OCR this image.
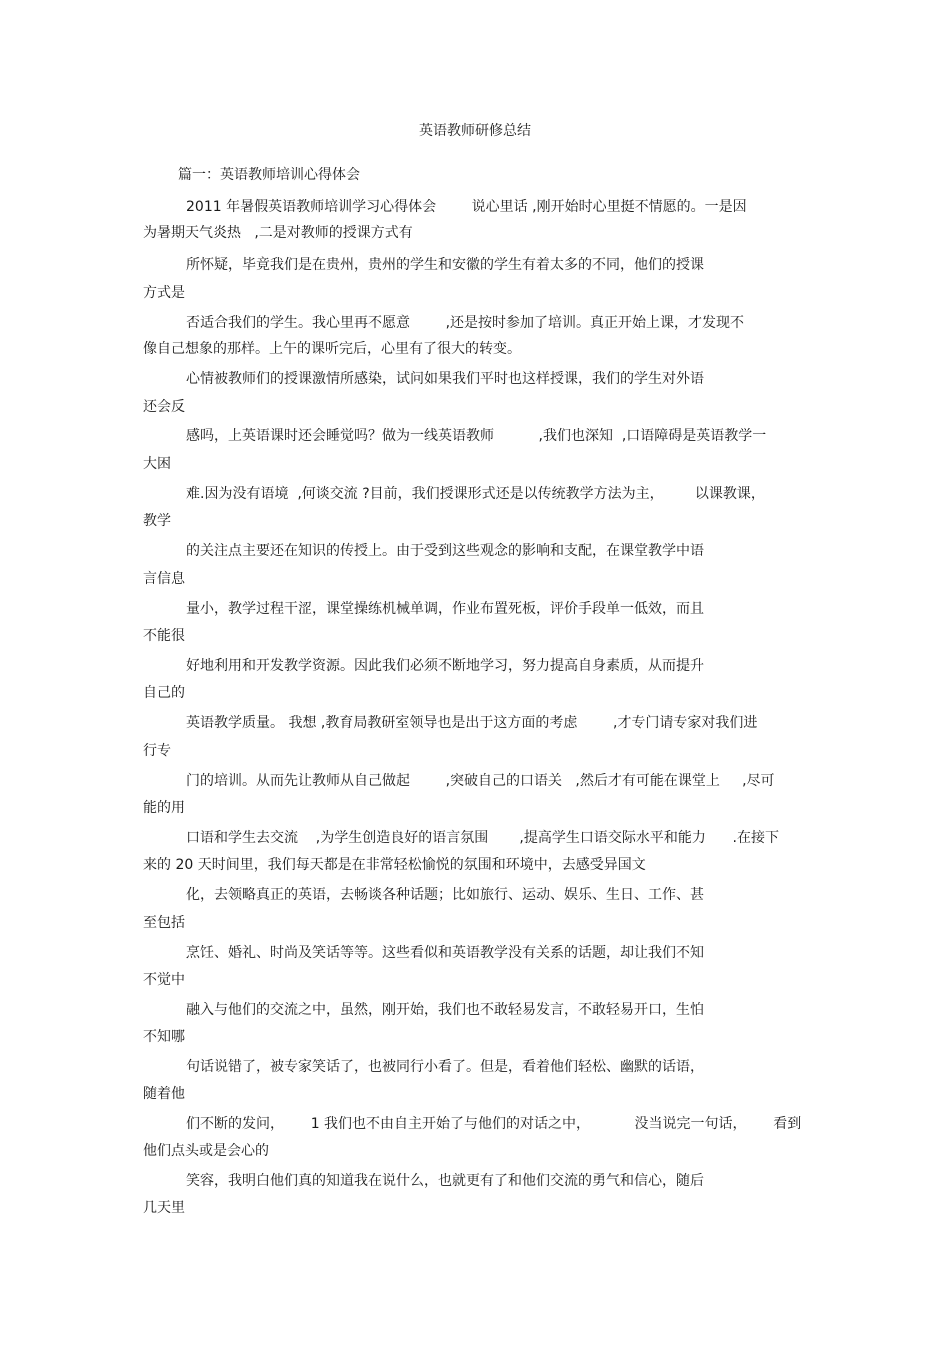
英语教师研修总结
篇一：英语教师培训心得体会
2011 年暑假英语教师培训学习心得体会        说心里话 ,刚开始时心里挺不情愿的。一是因
为暑期天气炎热   ,二是对教师的授课方式有
所怀疑，毕竟我们是在贵州，贵州的学生和安徽的学生有着太多的不同，他们的授课
方式是
否适合我们的学生。我心里再不愿意        ,还是按时参加了培训。真正开始上课，才发现不
像自己想象的那样。上午的课听完后，心里有了很大的转变。
心情被教师们的授课激情所感染，试问如果我们平时也这样授课，我们的学生对外语
还会反
感吗，上英语课时还会睡觉吗？做为一线英语教师          ,我们也深知  ,口语障碍是英语教学一
大困
难.因为没有语境  ,何谈交流 ?目前，我们授课形式还是以传统教学方法为主，       以课教课，
教学
的关注点主要还在知识的传授上。由于受到这些观念的影响和支配，在课堂教学中语
言信息
量小，教学过程干涩，课堂操练机械单调，作业布置死板，评价手段单一低效，而且
不能很
好地利用和开发教学资源。因此我们必须不断地学习，努力提高自身素质，从而提升
自己的
英语教学质量。 我想 ,教育局教研室领导也是出于这方面的考虑        ,才专门请专家对我们进
行专
门的培训。从而先让教师从自己做起        ,突破自己的口语关   ,然后才有可能在课堂上     ,尽可
能的用
口语和学生去交流    ,为学生创造良好的语言氛围       ,提高学生口语交际水平和能力      .在接下
来的 20 天时间里，我们每天都是在非常轻松愉悦的氛围和环境中，去感受异国文
化，去领略真正的英语，去畅谈各种话题；比如旅行、运动、娱乐、生日、工作、甚
至包括
烹饪、婚礼、时尚及笑话等等。这些看似和英语教学没有关系的话题，却让我们不知
不觉中
融入与他们的交流之中，虽然，刚开始，我们也不敢轻易发言，不敢轻易开口，生怕
不知哪
句话说错了，被专家笑话了，也被同行小看了。但是，看着他们轻松、幽默的话语，
随着他
们不断的发问，      1 我们也不由自主开始了与他们的对话之中，          没当说完一句话，      看到
他们点头或是会心的
笑容，我明白他们真的知道我在说什么，也就更有了和他们交流的勇气和信心，随后
几天里
